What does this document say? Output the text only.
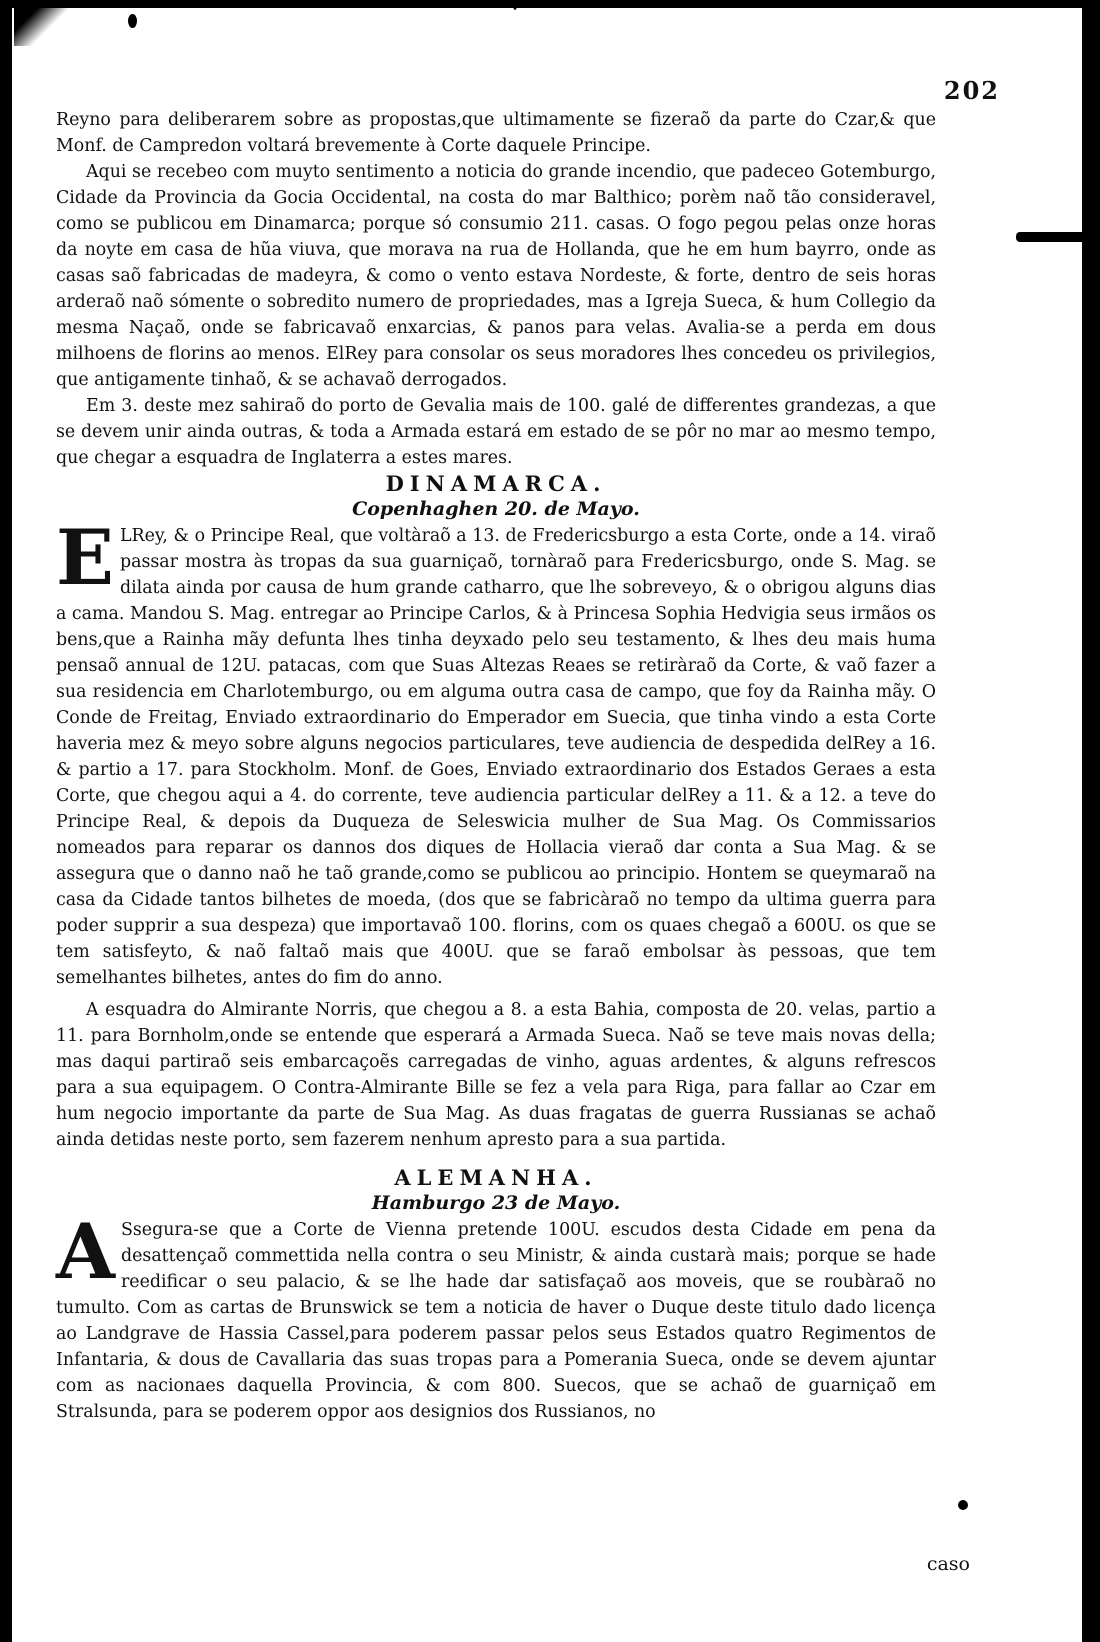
202

Reyno para deliberarem sobre as propostas,que ultimamente se fizeraõ da parte do Czar,& que Monf. de Campredon voltará brevemente à Corte daquele Principe.

Aqui se recebeo com muyto sentimento a noticia do grande incendio, que padeceo Gotemburgo, Cidade da Provincia da Gocia Occidental, na costa do mar Balthico; porèm naõ tão consideravel, como se publicou em Dinamarca; porque só consumio 211. casas. O fogo pegou pelas onze horas da noyte em casa de hũa viuva, que morava na rua de Hollanda, que he em hum bayrro, onde as casas saõ fabricadas de madeyra, & como o vento estava Nordeste, & forte, dentro de seis horas arderaõ naõ sómente o sobredito numero de propriedades, mas a Igreja Sueca, & hum Collegio da mesma Naçaõ, onde se fabricavaõ enxarcias, & panos para velas. Avalia-se a perda em dous milhoens de florins ao menos. ElRey para consolar os seus moradores lhes concedeu os privilegios, que antigamente tinhaõ, & se achavaõ derrogados.

Em 3. deste mez sahiraõ do porto de Gevalia mais de 100. galé de differentes grandezas, a que se devem unir ainda outras, & toda a Armada estará em estado de se pôr no mar ao mesmo tempo, que chegar a esquadra de Inglaterra a estes mares.

DINAMARCA.
Copenhaghen 20. de Mayo.

E LRey, & o Principe Real, que voltàraõ a 13. de Fredericsburgo a esta Corte, onde a 14. viraõ passar mostra às tropas da sua guarniçaõ, tornàraõ para Fredericsburgo, onde S. Mag. se dilata ainda por causa de hum grande catharro, que lhe sobreveyo, & o obrigou alguns dias a cama. Mandou S. Mag. entregar ao Principe Carlos, & à Princesa Sophia Hedvigia seus irmãos os bens,que a Rainha mãy defunta lhes tinha deyxado pelo seu testamento, & lhes deu mais huma pensaõ annual de 12U. patacas, com que Suas Altezas Reaes se retiràraõ da Corte, & vaõ fazer a sua residencia em Charlotemburgo, ou em alguma outra casa de campo, que foy da Rainha mãy. O Conde de Freitag, Enviado extraordinario do Emperador em Suecia, que tinha vindo a esta Corte haveria mez & meyo sobre alguns negocios particulares, teve audiencia de despedida delRey a 16. & partio a 17. para Stockholm. Monf. de Goes, Enviado extraordinario dos Estados Geraes a esta Corte, que chegou aqui a 4. do corrente, teve audiencia particular delRey a 11. & a 12. a teve do Principe Real, & depois da Duqueza de Seleswicia mulher de Sua Mag. Os Commissarios nomeados para reparar os dannos dos diques de Hollacia vieraõ dar conta a Sua Mag. & se assegura que o danno naõ he taõ grande,como se publicou ao principio. Hontem se queymaraõ na casa da Cidade tantos bilhetes de moeda, (dos que se fabricàraõ no tempo da ultima guerra para poder supprir a sua despeza) que importavaõ 100. florins, com os quaes chegaõ a 600U. os que se tem satisfeyto, & naõ faltaõ mais que 400U. que se faraõ embolsar às pessoas, que tem semelhantes bilhetes, antes do fim do anno.

A esquadra do Almirante Norris, que chegou a 8. a esta Bahia, composta de 20. velas, partio a 11. para Bornholm,onde se entende que esperará a Armada Sueca. Naõ se teve mais novas della; mas daqui partiraõ seis embarcaçoẽs carregadas de vinho, aguas ardentes, & alguns refrescos para a sua equipagem. O Contra-Almirante Bille se fez a vela para Riga, para fallar ao Czar em hum negocio importante da parte de Sua Mag. As duas fragatas de guerra Russianas se achaõ ainda detidas neste porto, sem fazerem nenhum apresto para a sua partida.

ALEMANHA.
Hamburgo 23 de Mayo.

A Ssegura-se que a Corte de Vienna pretende 100U. escudos desta Cidade em pena da desattençaõ commettida nella contra o seu Ministr, & ainda custarà mais; porque se hade reedificar o seu palacio, & se lhe hade dar satisfaçaõ aos moveis, que se roubàraõ no tumulto. Com as cartas de Brunswick se tem a noticia de haver o Duque deste titulo dado licença ao Landgrave de Hassia Cassel,para poderem passar pelos seus Estados quatro Regimentos de Infantaria, & dous de Cavallaria das suas tropas para a Pomerania Sueca, onde se devem ajuntar com as nacionaes daquella Provincia, & com 800. Suecos, que se achaõ de guarniçaõ em Stralsunda, para se poderem oppor aos designios dos Russianos, no

caso
